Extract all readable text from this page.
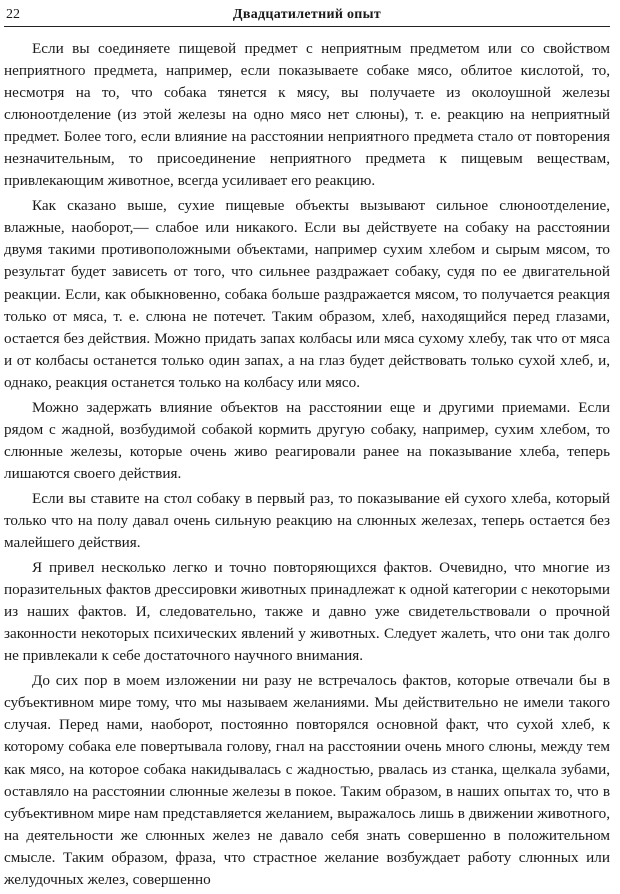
22	Двадцатилетний опыт

Если вы соединяете пищевой предмет с неприятным предметом или со свойством неприятного предмета, например, если показываете собаке мясо, облитое кислотой, то, несмотря на то, что собака тянется к мясу, вы получаете из околоушной железы слюноотделение (из этой железы на одно мясо нет слюны), т. е. реакцию на неприятный предмет. Более того, если влияние на расстоянии неприятного предмета стало от повторения незначительным, то присоединение неприятного предмета к пищевым веществам, привлекающим животное, всегда усиливает его реакцию.

Как сказано выше, сухие пищевые объекты вызывают сильное слюноотделение, влажные, наоборот,— слабое или никакого. Если вы действуете на собаку на расстоянии двумя такими противоположными объектами, например сухим хлебом и сырым мясом, то результат будет зависеть от того, что сильнее раздражает собаку, судя по ее двигательной реакции. Если, как обыкновенно, собака больше раздражается мясом, то получается реакция только от мяса, т. е. слюна не потечет. Таким образом, хлеб, находящийся перед глазами, остается без действия. Можно придать запах колбасы или мяса сухому хлебу, так что от мяса и от колбасы останется только один запах, а на глаз будет действовать только сухой хлеб, и, однако, реакция останется только на колбасу или мясо.

Можно задержать влияние объектов на расстоянии еще и другими приемами. Если рядом с жадной, возбудимой собакой кормить другую собаку, например, сухим хлебом, то слюнные железы, которые очень живо реагировали ранее на показывание хлеба, теперь лишаются своего действия.

Если вы ставите на стол собаку в первый раз, то показывание ей сухого хлеба, который только что на полу давал очень сильную реакцию на слюнных железах, теперь остается без малейшего действия.

Я привел несколько легко и точно повторяющихся фактов. Очевидно, что многие из поразительных фактов дрессировки животных принадлежат к одной категории с некоторыми из наших фактов. И, следовательно, также и давно уже свидетельствовали о прочной законности некоторых психических явлений у животных. Следует жалеть, что они так долго не привлекали к себе достаточного научного внимания.

До сих пор в моем изложении ни разу не встречалось фактов, которые отвечали бы в субъективном мире тому, что мы называем желаниями. Мы действительно не имели такого случая. Перед нами, наоборот, постоянно повторялся основной факт, что сухой хлеб, к которому собака еле повертывала голову, гнал на расстоянии очень много слюны, между тем как мясо, на которое собака накидывалась с жадностью, рвалась из станка, щелкала зубами, оставляло на расстоянии слюнные железы в покое. Таким образом, в наших опытах то, что в субъективном мире нам представляется желанием, выражалось лишь в движении животного, на деятельности же слюнных желез не давало себя знать совершенно в положительном смысле. Таким образом, фраза, что страстное желание возбуждает работу слюнных или желудочных желез, совершенно
